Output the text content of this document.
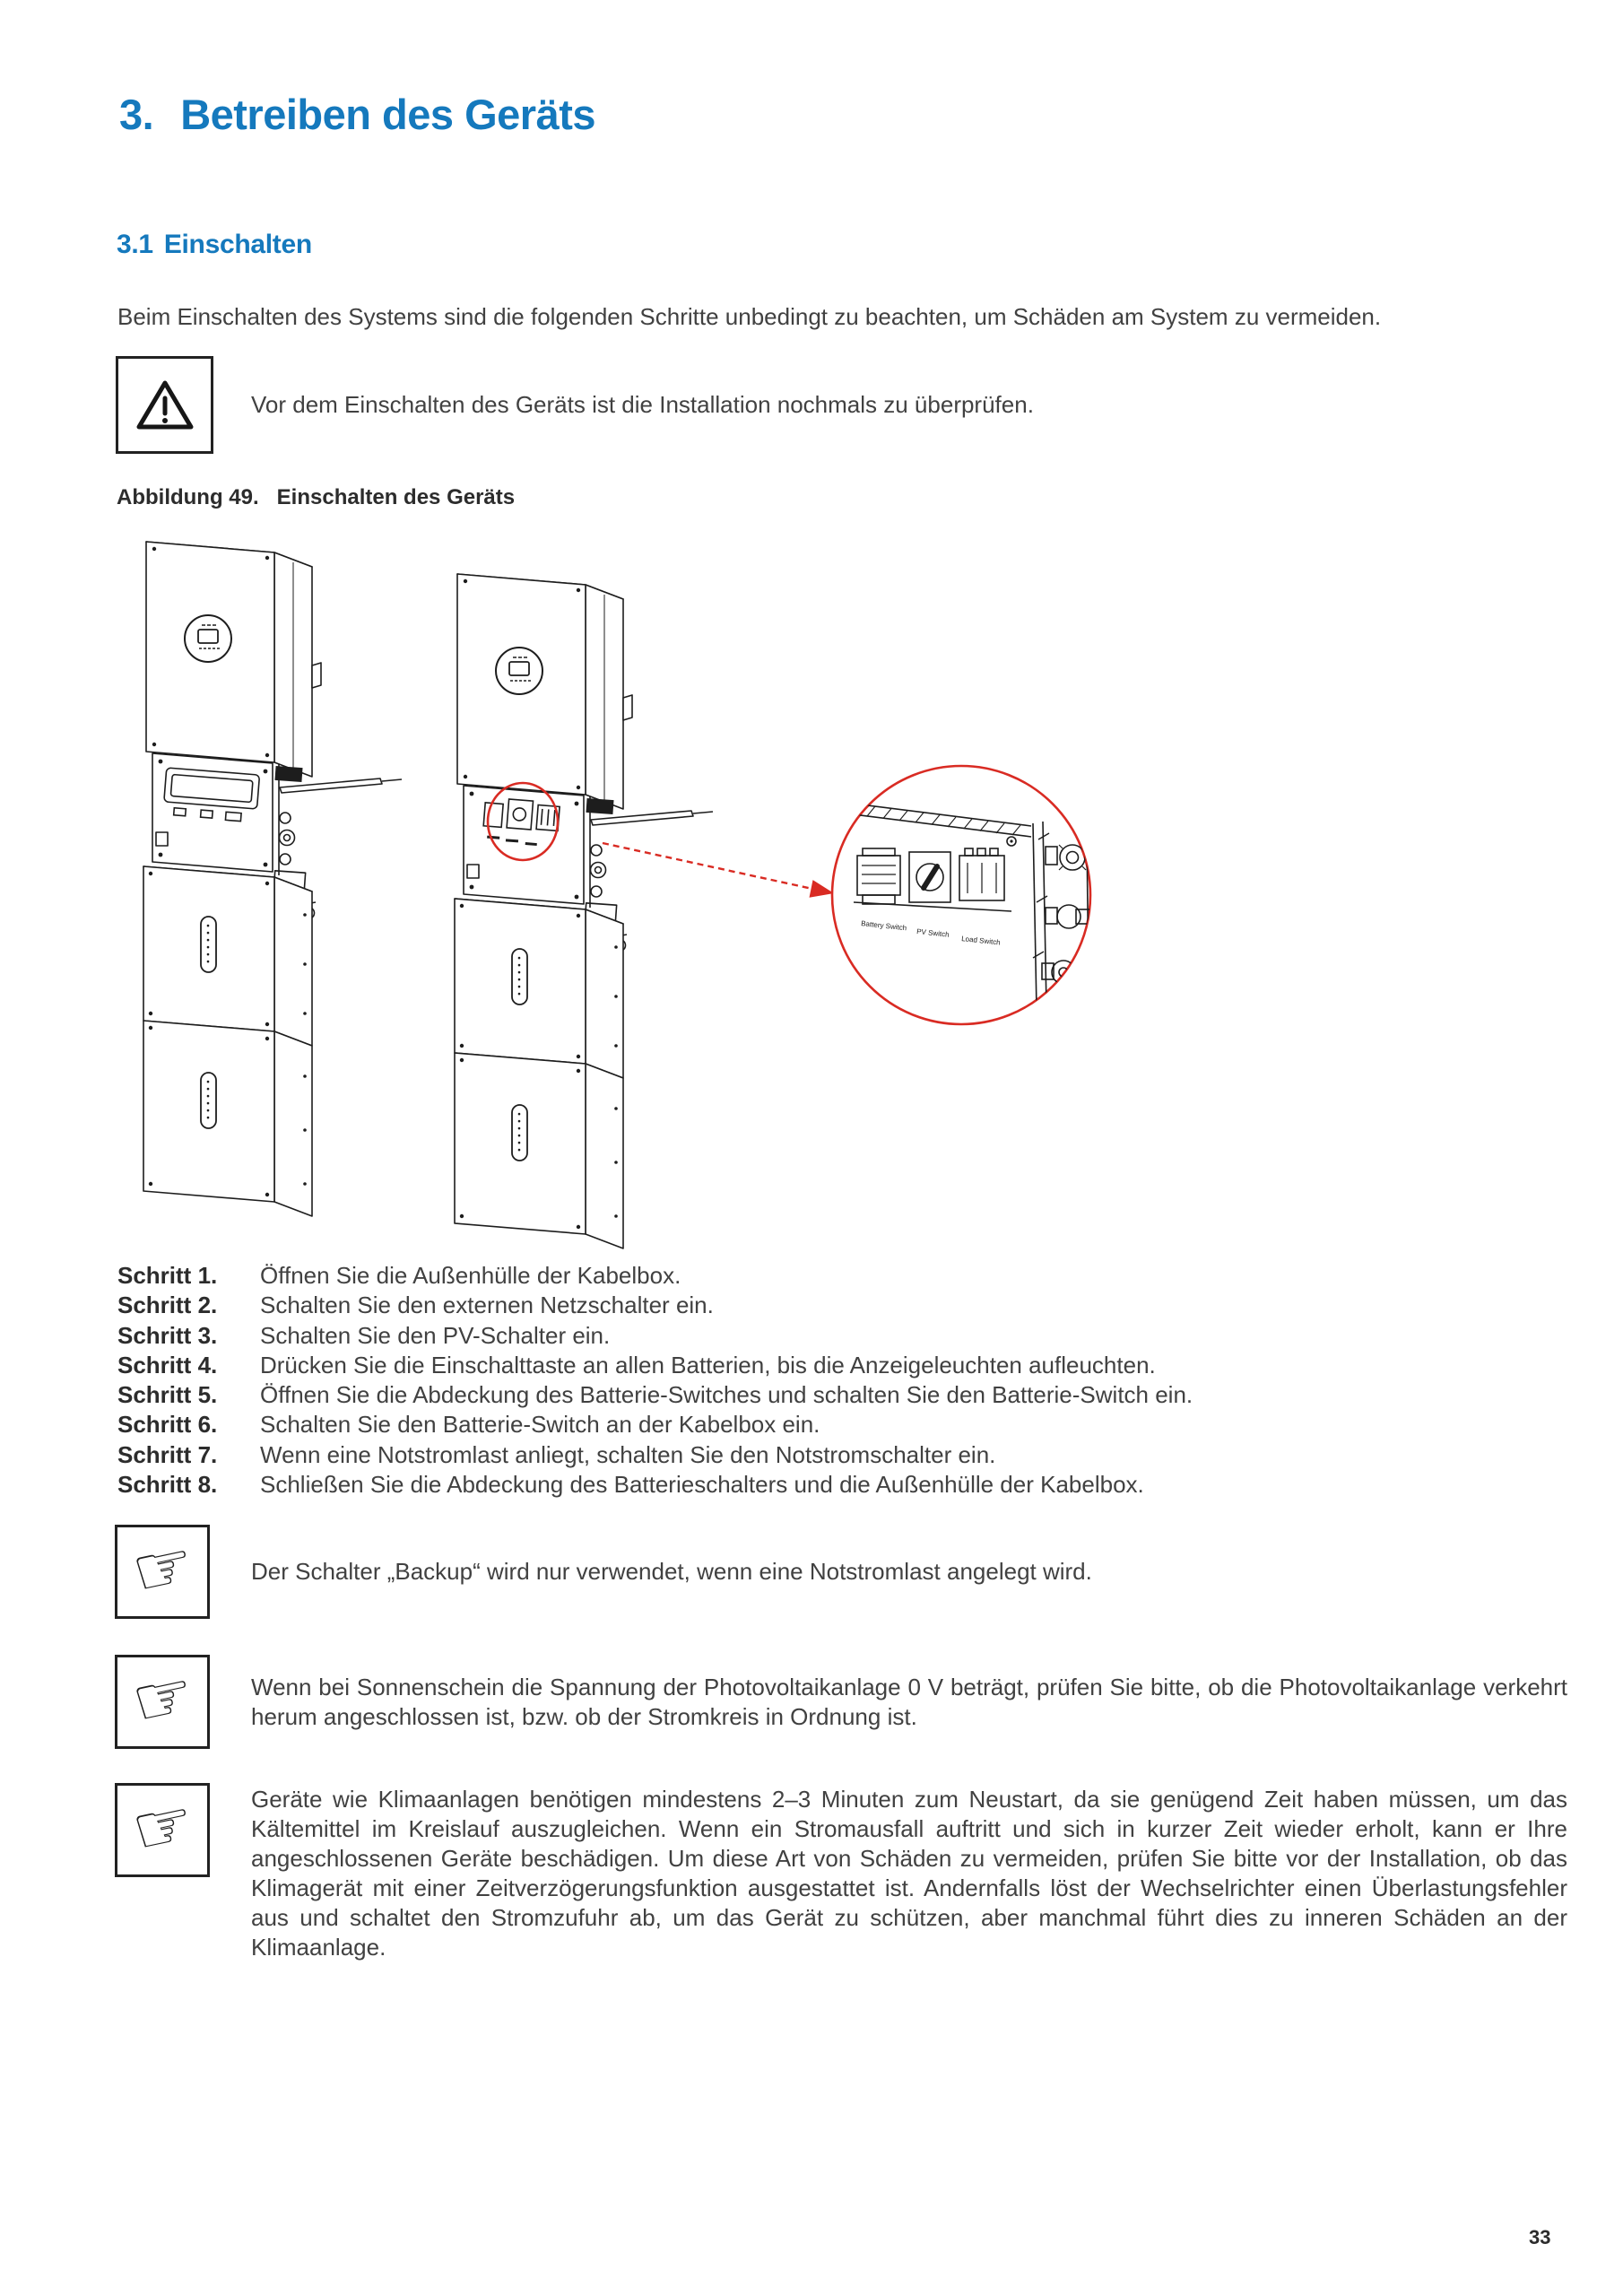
3. Betreiben des Geräts
3.1 Einschalten

Beim Einschalten des Systems sind die folgenden Schritte unbedingt zu beachten, um Schäden am System zu vermeiden.

Vor dem Einschalten des Geräts ist die Installation nochmals zu überprüfen.
Abbildung 49. Einschalten des Geräts
Battery Switch
PV Switch
Load Switch
Schritt 1.	Öffnen Sie die Außenhülle der Kabelbox.
Schritt 2.	Schalten Sie den externen Netzschalter ein.
Schritt 3.	Schalten Sie den PV-Schalter ein.
Schritt 4.	Drücken Sie die Einschalttaste an allen Batterien, bis die Anzeigeleuchten aufleuchten.
Schritt 5.	Öffnen Sie die Abdeckung des Batterie-Switches und schalten Sie den Batterie-Switch ein.
Schritt 6.	Schalten Sie den Batterie-Switch an der Kabelbox ein.
Schritt 7.	Wenn eine Notstromlast anliegt, schalten Sie den Notstromschalter ein.
Schritt 8.	Schließen Sie die Abdeckung des Batterieschalters und die Außenhülle der Kabelbox.
☞ Der Schalter „Backup“ wird nur verwendet, wenn eine Notstromlast angelegt wird.
☞ Wenn bei Sonnenschein die Spannung der Photovoltaikanlage 0 V beträgt, prüfen Sie bitte, ob die Photovoltaikanlage verkehrt herum angeschlossen ist, bzw. ob der Stromkreis in Ordnung ist.
☞ Geräte wie Klimaanlagen benötigen mindestens 2–3 Minuten zum Neustart, da sie genügend Zeit haben müssen, um das Kältemittel im Kreislauf auszugleichen. Wenn ein Stromausfall auftritt und sich in kurzer Zeit wieder erholt, kann er Ihre angeschlossenen Geräte beschädigen. Um diese Art von Schäden zu vermeiden, prüfen Sie bitte vor der Installation, ob das Klimagerät mit einer Zeitverzögerungsfunktion ausgestattet ist. Andernfalls löst der Wechselrichter einen Überlastungsfehler aus und schaltet den Stromzufuhr ab, um das Gerät zu schützen, aber manchmal führt dies zu inneren Schäden an der Klimaanlage.
33
